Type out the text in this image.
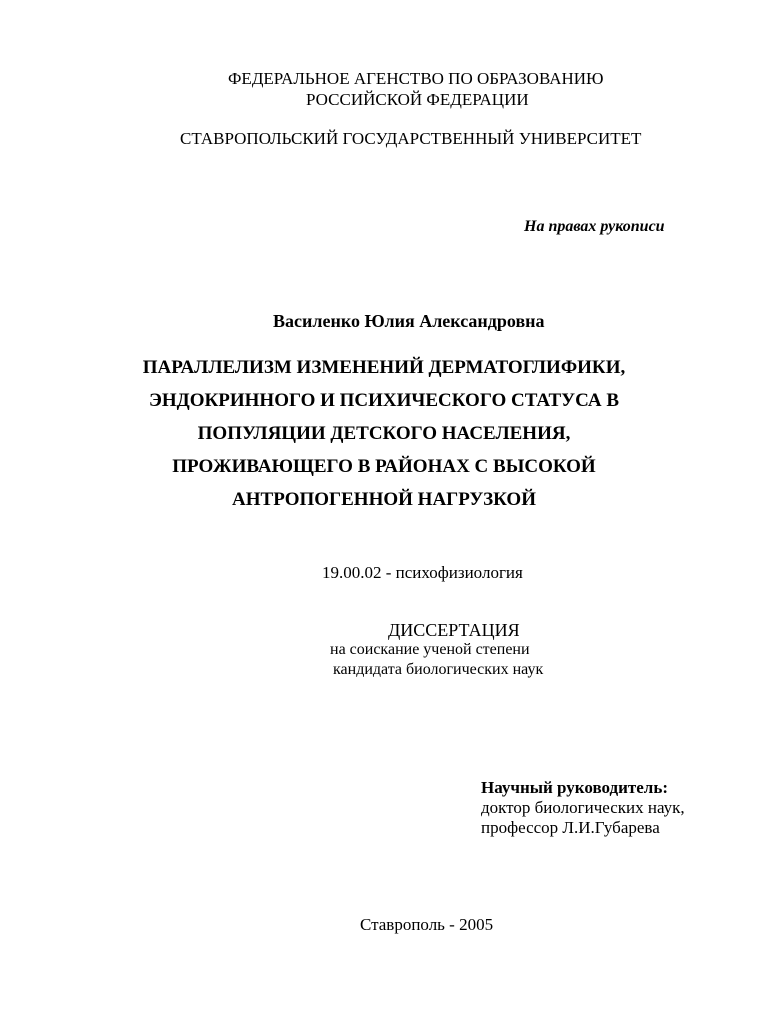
ФЕДЕРАЛЬНОЕ АГЕНСТВО ПО ОБРАЗОВАНИЮ
РОССИЙСКОЙ ФЕДЕРАЦИИ
СТАВРОПОЛЬСКИЙ ГОСУДАРСТВЕННЫЙ УНИВЕРСИТЕТ
На правах рукописи
Василенко Юлия Александровна
ПАРАЛЛЕЛИЗМ ИЗМЕНЕНИЙ ДЕРМАТОГЛИФИКИ,
ЭНДОКРИННОГО И ПСИХИЧЕСКОГО СТАТУСА В
ПОПУЛЯЦИИ ДЕТСКОГО НАСЕЛЕНИЯ,
ПРОЖИВАЮЩЕГО В РАЙОНАХ С ВЫСОКОЙ
АНТРОПОГЕННОЙ НАГРУЗКОЙ
19.00.02 - психофизиология
ДИССЕРТАЦИЯ
на соискание ученой степени
кандидата биологических наук
Научный руководитель:
доктор биологических наук,
профессор Л.И.Губарева
Ставрополь - 2005
